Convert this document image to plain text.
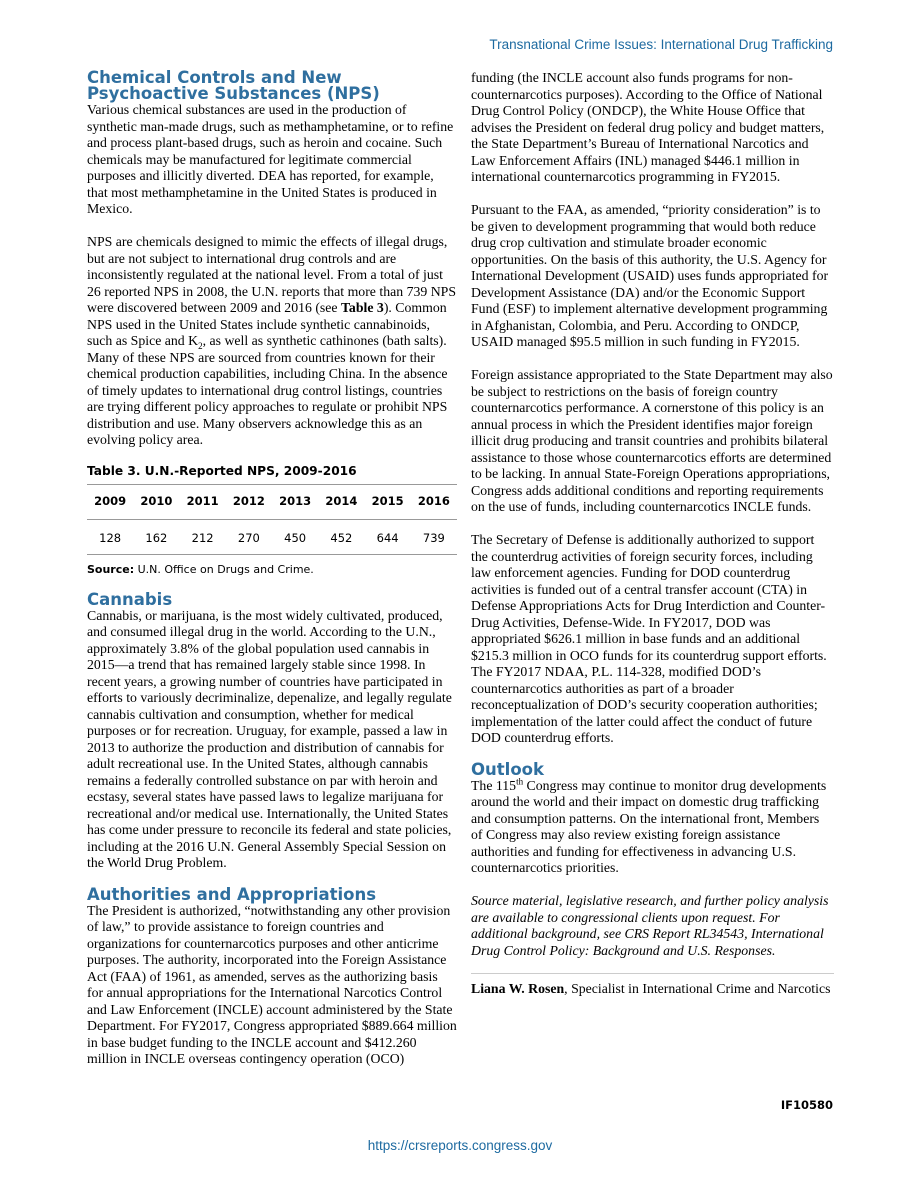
Transnational Crime Issues: International Drug Trafficking
Chemical Controls and New Psychoactive Substances (NPS)

Various chemical substances are used in the production of synthetic man-made drugs, such as methamphetamine, or to refine and process plant-based drugs, such as heroin and cocaine. Such chemicals may be manufactured for legitimate commercial purposes and illicitly diverted. DEA has reported, for example, that most methamphetamine in the United States is produced in Mexico.

NPS are chemicals designed to mimic the effects of illegal drugs, but are not subject to international drug controls and are inconsistently regulated at the national level. From a total of just 26 reported NPS in 2008, the U.N. reports that more than 739 NPS were discovered between 2009 and 2016 (see Table 3). Common NPS used in the United States include synthetic cannabinoids, such as Spice and $K_2$, as well as synthetic cathinones (bath salts). Many of these NPS are sourced from countries known for their chemical production capabilities, including China. In the absence of timely updates to international drug control listings, countries are trying different policy approaches to regulate or prohibit NPS distribution and use. Many observers acknowledge this as an evolving policy area.

Table 3. U.N.-Reported NPS, 2009-2016
2009	2010	2011	2012	2013	2014	2015	2016
128	162	212	270	450	452	644	739
Source: U.N. Office on Drugs and Crime.
Cannabis

Cannabis, or marijuana, is the most widely cultivated, produced, and consumed illegal drug in the world. According to the U.N., approximately 3.8% of the global population used cannabis in 2015—a trend that has remained largely stable since 1998. In recent years, a growing number of countries have participated in efforts to variously decriminalize, depenalize, and legally regulate cannabis cultivation and consumption, whether for medical purposes or for recreation. Uruguay, for example, passed a law in 2013 to authorize the production and distribution of cannabis for adult recreational use. In the United States, although cannabis remains a federally controlled substance on par with heroin and ecstasy, several states have passed laws to legalize marijuana for recreational and/or medical use. Internationally, the United States has come under pressure to reconcile its federal and state policies, including at the 2016 U.N. General Assembly Special Session on the World Drug Problem.

Authorities and Appropriations

The President is authorized, “notwithstanding any other provision of law,” to provide assistance to foreign countries and organizations for counternarcotics purposes and other anticrime purposes. The authority, incorporated into the Foreign Assistance Act (FAA) of 1961, as amended, serves as the authorizing basis for annual appropriations for the International Narcotics Control and Law Enforcement (INCLE) account administered by the State Department. For FY2017, Congress appropriated $889.664 million in base budget funding to the INCLE account and $412.260 million in INCLE overseas contingency operation (OCO)

funding (the INCLE account also funds programs for non-counternarcotics purposes). According to the Office of National Drug Control Policy (ONDCP), the White House Office that advises the President on federal drug policy and budget matters, the State Department’s Bureau of International Narcotics and Law Enforcement Affairs (INL) managed $446.1 million in international counternarcotics programming in FY2015.

Pursuant to the FAA, as amended, “priority consideration” is to be given to development programming that would both reduce drug crop cultivation and stimulate broader economic opportunities. On the basis of this authority, the U.S. Agency for International Development (USAID) uses funds appropriated for Development Assistance (DA) and/or the Economic Support Fund (ESF) to implement alternative development programming in Afghanistan, Colombia, and Peru. According to ONDCP, USAID managed $95.5 million in such funding in FY2015.

Foreign assistance appropriated to the State Department may also be subject to restrictions on the basis of foreign country counternarcotics performance. A cornerstone of this policy is an annual process in which the President identifies major foreign illicit drug producing and transit countries and prohibits bilateral assistance to those whose counternarcotics efforts are determined to be lacking. In annual State-Foreign Operations appropriations, Congress adds additional conditions and reporting requirements on the use of funds, including counternarcotics INCLE funds.

The Secretary of Defense is additionally authorized to support the counterdrug activities of foreign security forces, including law enforcement agencies. Funding for DOD counterdrug activities is funded out of a central transfer account (CTA) in Defense Appropriations Acts for Drug Interdiction and Counter-Drug Activities, Defense-Wide. In FY2017, DOD was appropriated $626.1 million in base funds and an additional $215.3 million in OCO funds for its counterdrug support efforts. The FY2017 NDAA, P.L. 114-328, modified DOD’s counternarcotics authorities as part of a broader reconceptualization of DOD’s security cooperation authorities; implementation of the latter could affect the conduct of future DOD counterdrug efforts.

Outlook

The 115th Congress may continue to monitor drug developments around the world and their impact on domestic drug trafficking and consumption patterns. On the international front, Members of Congress may also review existing foreign assistance authorities and funding for effectiveness in advancing U.S. counternarcotics priorities.

Source material, legislative research, and further policy analysis are available to congressional clients upon request. For additional background, see CRS Report RL34543, International Drug Control Policy: Background and U.S. Responses.

Liana W. Rosen, Specialist in International Crime and Narcotics
IF10580
https://crsreports.congress.gov
